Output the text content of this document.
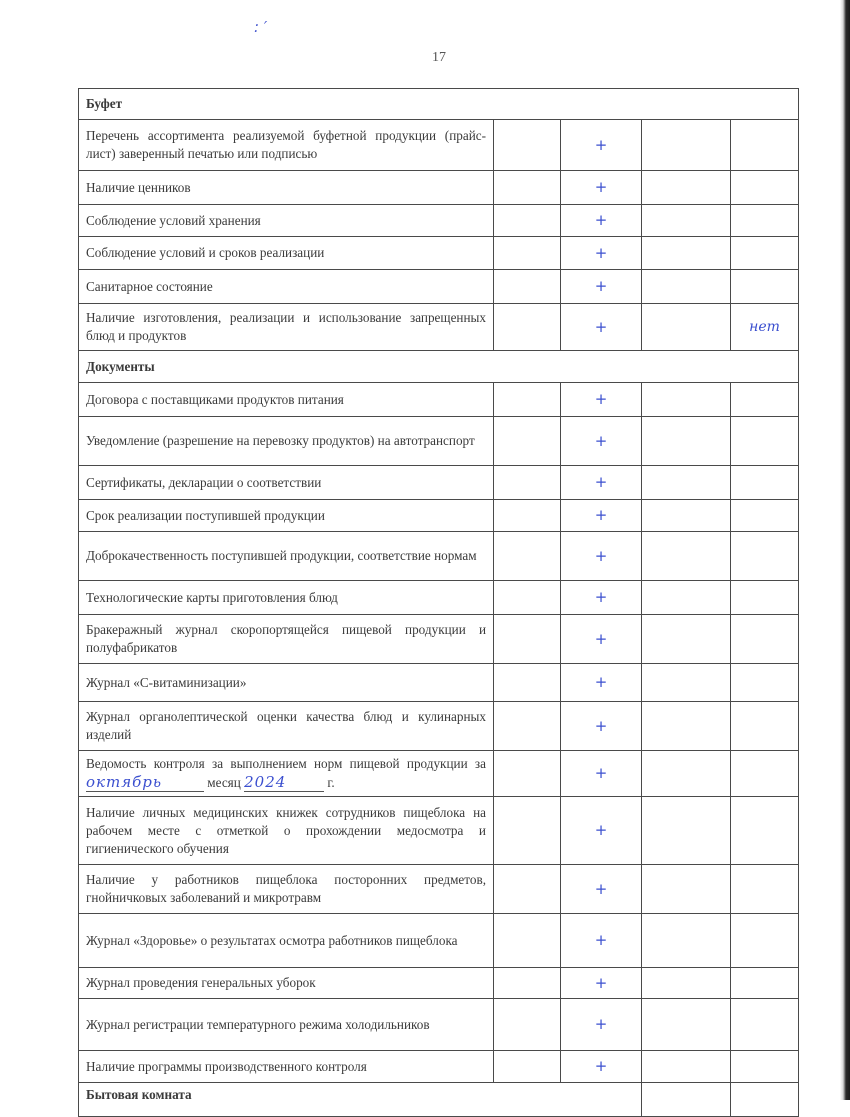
: ′
17
Буфет				
Перечень ассортимента реализуемой буфетной продукции (прайс-лист) заверенный печатью или подписью		+		
Наличие ценников		+		
Соблюдение условий хранения		+		
Соблюдение условий и сроков реализации		+		
Санитарное состояние		+		
Наличие изготовления, реализации и использование запрещенных блюд и продуктов		+		нет
Документы				
Договора с поставщиками продуктов питания		+		
Уведомление (разрешение на перевозку продуктов) на автотранспорт		+		
Сертификаты, декларации о соответствии		+		
Срок реализации поступившей продукции		+		
Доброкачественность поступившей продукции, соответствие нормам		+		
Технологические карты приготовления блюд		+		
Бракеражный журнал скоропортящейся пищевой продукции и полуфабрикатов		+		
Журнал «С-витаминизации»		+		
Журнал органолептической оценки качества блюд и кулинарных изделий		+		
Ведомость контроля за выполнением норм пищевой продукции за октябрь месяц 2024 г.		+		
Наличие личных медицинских книжек сотрудников пищеблока на рабочем месте с отметкой о прохождении медосмотра и гигиенического обучения		+		
Наличие у работников пищеблока посторонних предметов, гнойничковых заболеваний и микротравм		+		
Журнал «Здоровье» о результатах осмотра работников пищеблока		+		
Журнал проведения генеральных уборок		+		
Журнал регистрации температурного режима холодильников		+		
Наличие программы производственного контроля		+		
Бытовая комната				
